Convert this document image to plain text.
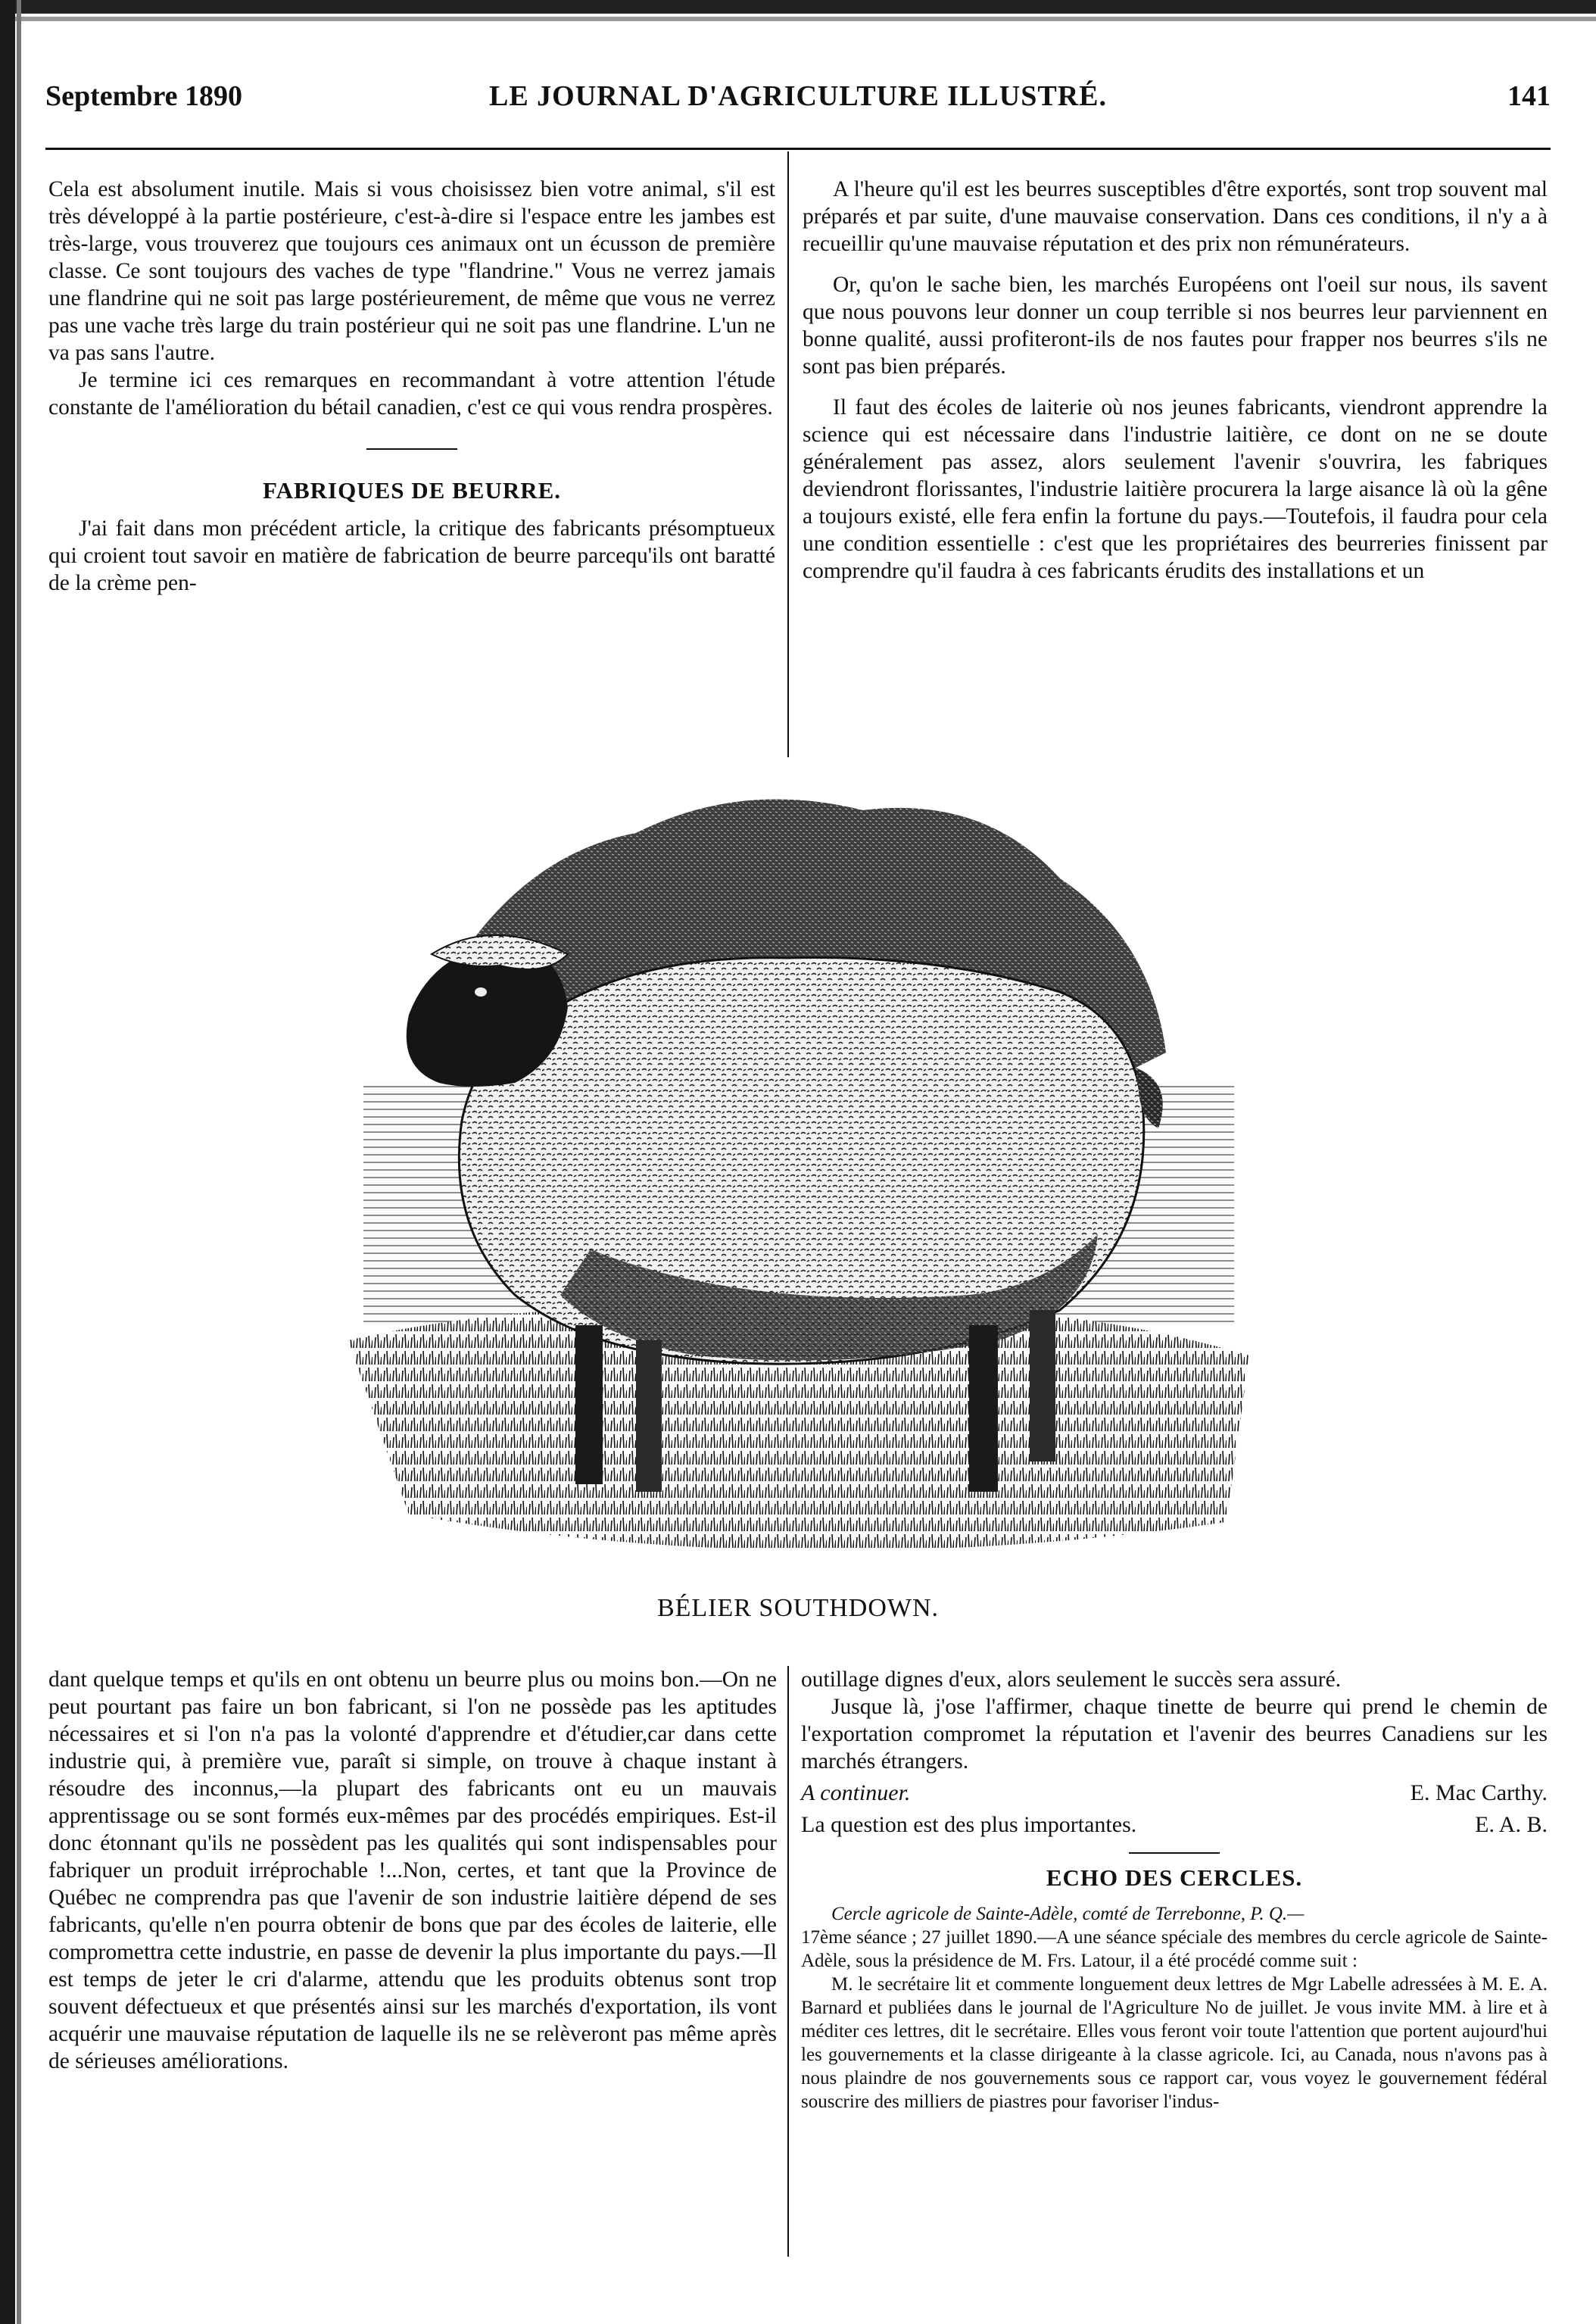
Septembre 1890	LE JOURNAL D'AGRICULTURE ILLUSTRÉ.	141

Cela est absolument inutile. Mais si vous choisissez bien votre animal, s'il est très développé à la partie postérieure, c'est-à-dire si l'espace entre les jambes est très-large, vous trouverez que toujours ces animaux ont un écusson de première classe. Ce sont toujours des vaches de type "flandrine." Vous ne verrez jamais une flandrine qui ne soit pas large postérieurement, de même que vous ne verrez pas une vache très large du train postérieur qui ne soit pas une flandrine. L'un ne va pas sans l'autre.

Je termine ici ces remarques en recommandant à votre attention l'étude constante de l'amélioration du bétail canadien, c'est ce qui vous rendra prospères.

FABRIQUES DE BEURRE.

J'ai fait dans mon précédent article, la critique des fabricants présomptueux qui croient tout savoir en matière de fabrication de beurre parcequ'ils ont baratté de la crème pen-

A l'heure qu'il est les beurres susceptibles d'être exportés, sont trop souvent mal préparés et par suite, d'une mauvaise conservation. Dans ces conditions, il n'y a à recueillir qu'une mauvaise réputation et des prix non rémunérateurs.

Or, qu'on le sache bien, les marchés Européens ont l'oeil sur nous, ils savent que nous pouvons leur donner un coup terrible si nos beurres leur parviennent en bonne qualité, aussi profiteront-ils de nos fautes pour frapper nos beurres s'ils ne sont pas bien préparés.

Il faut des écoles de laiterie où nos jeunes fabricants, viendront apprendre la science qui est nécessaire dans l'industrie laitière, ce dont on ne se doute généralement pas assez, alors seulement l'avenir s'ouvrira, les fabriques deviendront florissantes, l'industrie laitière procurera la large aisance là où la gêne a toujours existé, elle fera enfin la fortune du pays.—Toutefois, il faudra pour cela une condition essentielle : c'est que les propriétaires des beurreries finissent par comprendre qu'il faudra à ces fabricants érudits des installations et un

BÉLIER SOUTHDOWN.

dant quelque temps et qu'ils en ont obtenu un beurre plus ou moins bon.—On ne peut pourtant pas faire un bon fabricant, si l'on ne possède pas les aptitudes nécessaires et si l'on n'a pas la volonté d'apprendre et d'étudier,car dans cette industrie qui, à première vue, paraît si simple, on trouve à chaque instant à résoudre des inconnus,—la plupart des fabricants ont eu un mauvais apprentissage ou se sont formés eux-mêmes par des procédés empiriques. Est-il donc étonnant qu'ils ne possèdent pas les qualités qui sont indispensables pour fabriquer un produit irréprochable !...Non, certes, et tant que la Province de Québec ne comprendra pas que l'avenir de son industrie laitière dépend de ses fabricants, qu'elle n'en pourra obtenir de bons que par des écoles de laiterie, elle compromettra cette industrie, en passe de devenir la plus importante du pays.—Il est temps de jeter le cri d'alarme, attendu que les produits obtenus sont trop souvent défectueux et que présentés ainsi sur les marchés d'exportation, ils vont acquérir une mauvaise réputation de laquelle ils ne se relèveront pas même après de sérieuses améliorations.

outillage dignes d'eux, alors seulement le succès sera assuré.

Jusque là, j'ose l'affirmer, chaque tinette de beurre qui prend le chemin de l'exportation compromet la réputation et l'avenir des beurres Canadiens sur les marchés étrangers.

A continuer.	E. Mac Carthy.
La question est des plus importantes.	E. A. B.
ECHO DES CERCLES.

Cercle agricole de Sainte-Adèle, comté de Terrebonne, P. Q.—

17ème séance ; 27 juillet 1890.—A une séance spéciale des membres du cercle agricole de Sainte-Adèle, sous la présidence de M. Frs. Latour, il a été procédé comme suit :

M. le secrétaire lit et commente longuement deux lettres de Mgr Labelle adressées à M. E. A. Barnard et publiées dans le journal de l'Agriculture No de juillet. Je vous invite MM. à lire et à méditer ces lettres, dit le secrétaire. Elles vous feront voir toute l'attention que portent aujourd'hui les gouvernements et la classe dirigeante à la classe agricole. Ici, au Canada, nous n'avons pas à nous plaindre de nos gouvernements sous ce rapport car, vous voyez le gouvernement fédéral souscrire des milliers de piastres pour favoriser l'indus-
